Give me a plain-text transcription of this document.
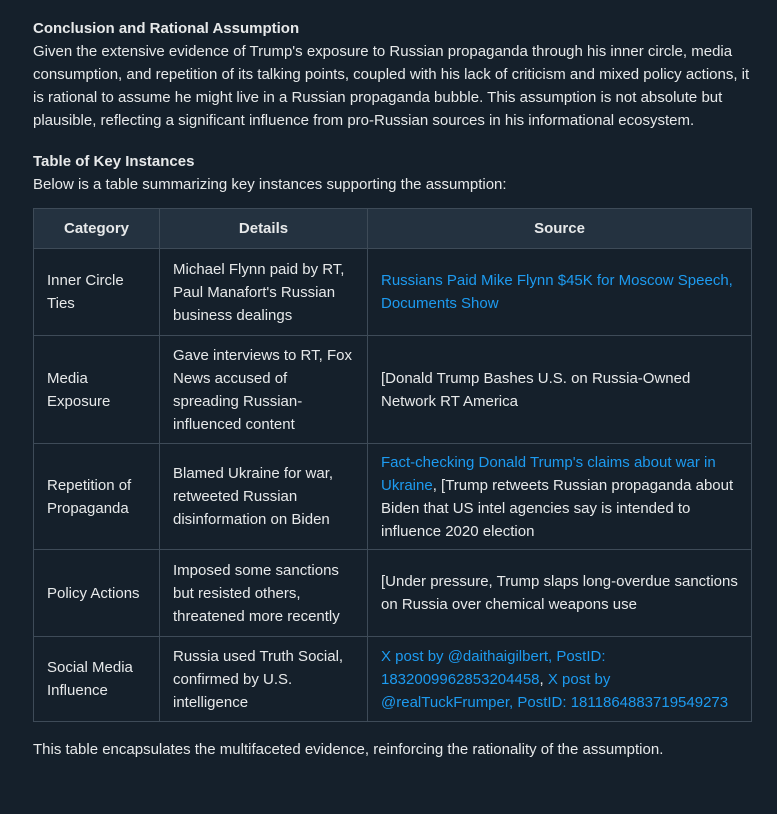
Conclusion and Rational Assumption

Given the extensive evidence of Trump's exposure to Russian propaganda through his inner circle, media consumption, and repetition of its talking points, coupled with his lack of criticism and mixed policy actions, it is rational to assume he might live in a Russian propaganda bubble. This assumption is not absolute but plausible, reflecting a significant influence from pro-Russian sources in his informational ecosystem.

Table of Key Instances

Below is a table summarizing key instances supporting the assumption:

Category	Details	Source
Inner Circle Ties	Michael Flynn paid by RT, Paul Manafort's Russian business dealings	Russians Paid Mike Flynn $45K for Moscow Speech, Documents Show
Media Exposure	Gave interviews to RT, Fox News accused of spreading Russian-influenced content	[Donald Trump Bashes U.S. on Russia-Owned Network RT America
Repetition of Propaganda	Blamed Ukraine for war, retweeted Russian disinformation on Biden	Fact-checking Donald Trump's claims about war in Ukraine, [Trump retweets Russian propaganda about Biden that US intel agencies say is intended to influence 2020 election
Policy Actions	Imposed some sanctions but resisted others, threatened more recently	[Under pressure, Trump slaps long-overdue sanctions on Russia over chemical weapons use
Social Media Influence	Russia used Truth Social, confirmed by U.S. intelligence	X post by @daithaigilbert, PostID: 1832009962853204458, X post by @realTuckFrumper, PostID: 1811864883719549273

This table encapsulates the multifaceted evidence, reinforcing the rationality of the assumption.
